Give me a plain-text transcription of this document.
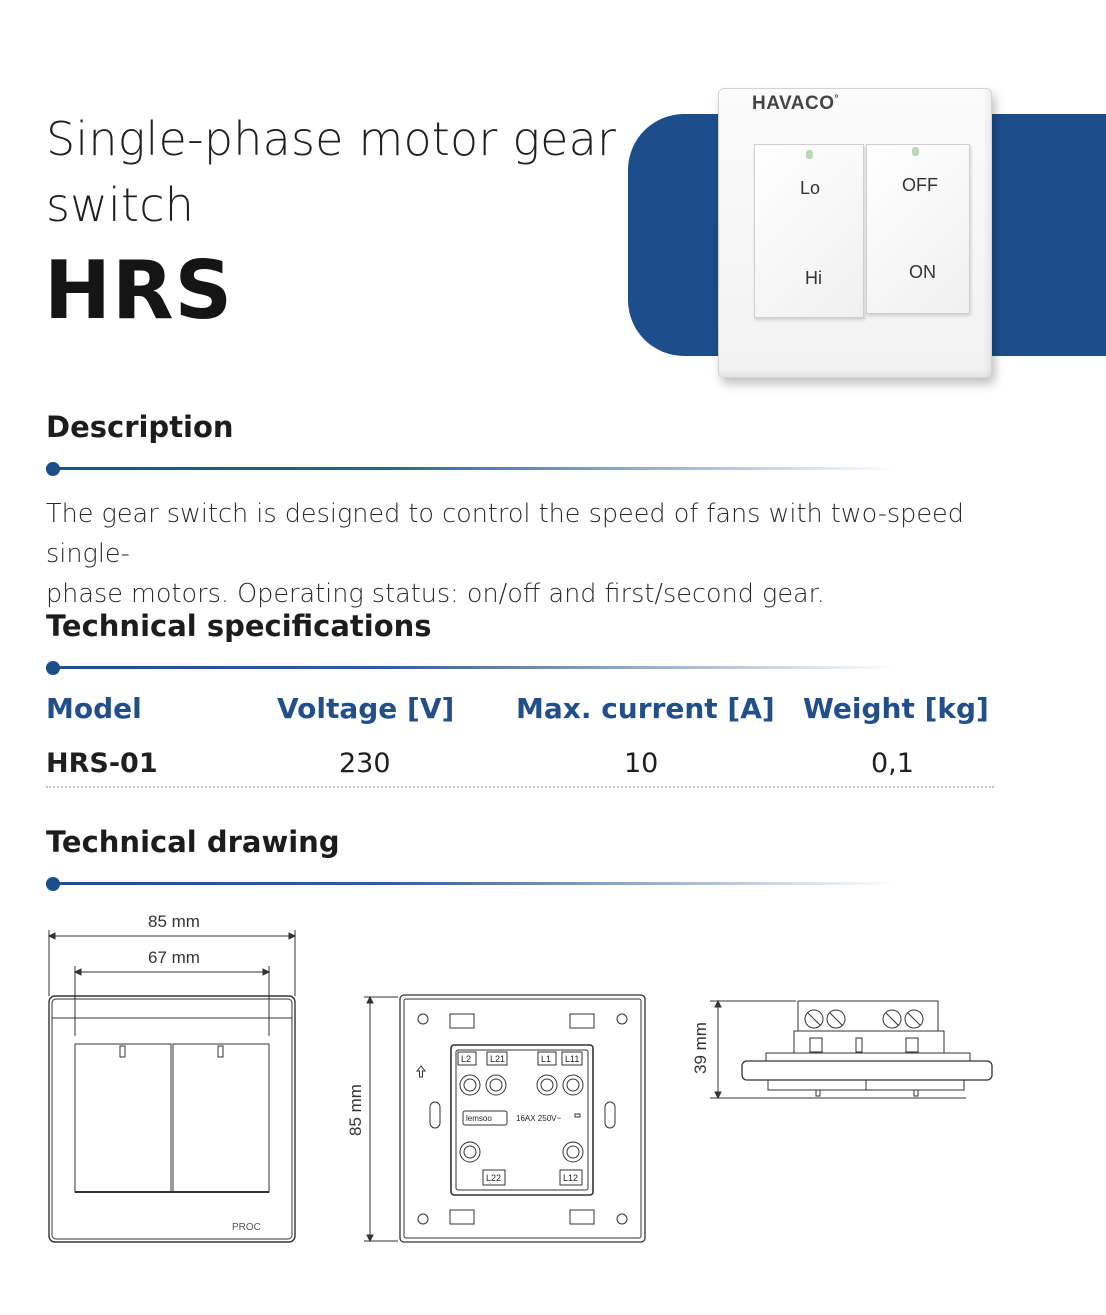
Single-phase motor gear
switch
HRS
HAVACO°
Lo
Hi
OFF
ON
Description
The gear switch is designed to control the speed of fans with two-speed single-
phase motors. Operating status: on/off and first/second gear.
Technical specifications
Model	Voltage [V] Max. current [A] Weight [kg]
HRS-01	230	10	0,1
Technical drawing
85 mm
67 mm
PROC
85 mm
L2 L21	L1 L11
L22	L12
lemsoo	16AX 250V~
39 mm
